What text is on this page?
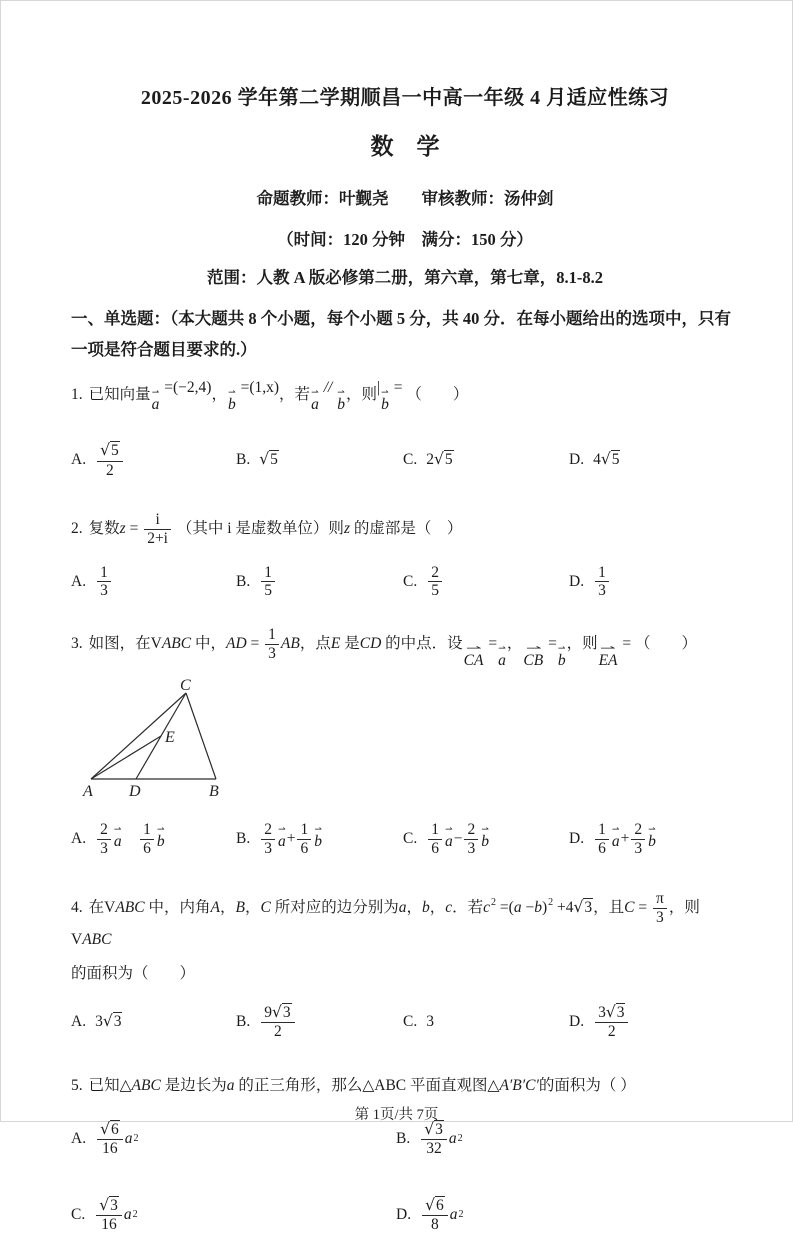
2025-2026 学年第二学期顺昌一中高一年级 4 月适应性练习
数　学
命题教师：叶觐尧　　审核教师：汤仲剑
（时间：120 分钟　满分：150 分）
范围：人教 A 版必修第二册，第六章，第七章，8.1-8.2
一、单选题：（本大题共 8 个小题，每个小题 5 分，共 40 分．在每小题给出的选项中，只有
一项是符合题目要求的.）

1. 已知向量 ⇀
a
=(−2,4)， ⇀
b
=(1,x)，若 ⇀
a
// ⇀
b
，则| ⇀
b
= （　　）

A. $\frac{√ 5}{2}$	B. √ 5	C. 2 √ 5	D. 4 √ 5

2. 复数$z = \frac{i}{2+i}$ （其中 i 是虚数单位）则z 的虚部是（　）

A. $\frac{1}{3}$	B. $\frac{1}{5}$	C. $\frac{2}{5}$	D. $\frac{1}{3}$

3. 如图，在VABC 中，AD = $\frac{1}{3}$ AB，点E 是CD 的中点．设 ⇀
CA
= ⇀
a
， ⇀
CB
= ⇀
b
，则 ⇀
EA
= （　　）

C
E
A D	B
A. $\frac{2}{3}$ ⇀
a
　 $\frac{1}{6}$ ⇀
b	B. $\frac{2}{3}$ ⇀
$a + \frac{1}{6}$ ⇀
b	C. $\frac{1}{6}$ ⇀
$a - \frac{2}{3}$ ⇀
b	D. $\frac{1}{6}$ ⇀
$a + \frac{2}{3}$ ⇀
b

4. 在VABC 中，内角A，B，C 所对应的边分别为a，b，c．若$c^2 =(a -b)^2 +4$ √ 3 ，且$C = \frac{\pi}{3}$ ，则VABC

的面积为（　　）

A. 3 √ 3	B. $\frac{9 √ 3}{2}$	C. 3	D. $\frac{3 √ 3}{2}$

5. 已知△ABC 是边长为a 的正三角形，那么△ABC 平面直观图△A′B′C′的面积为（ ）

A. $\frac{√ 6}{16}$ a 2	B. $\frac{√ 3}{32}$ a 2
C. $\frac{√ 3}{16}$ a 2	D. $\frac{√ 6}{8}$ a 2
第 1页/共 7页
